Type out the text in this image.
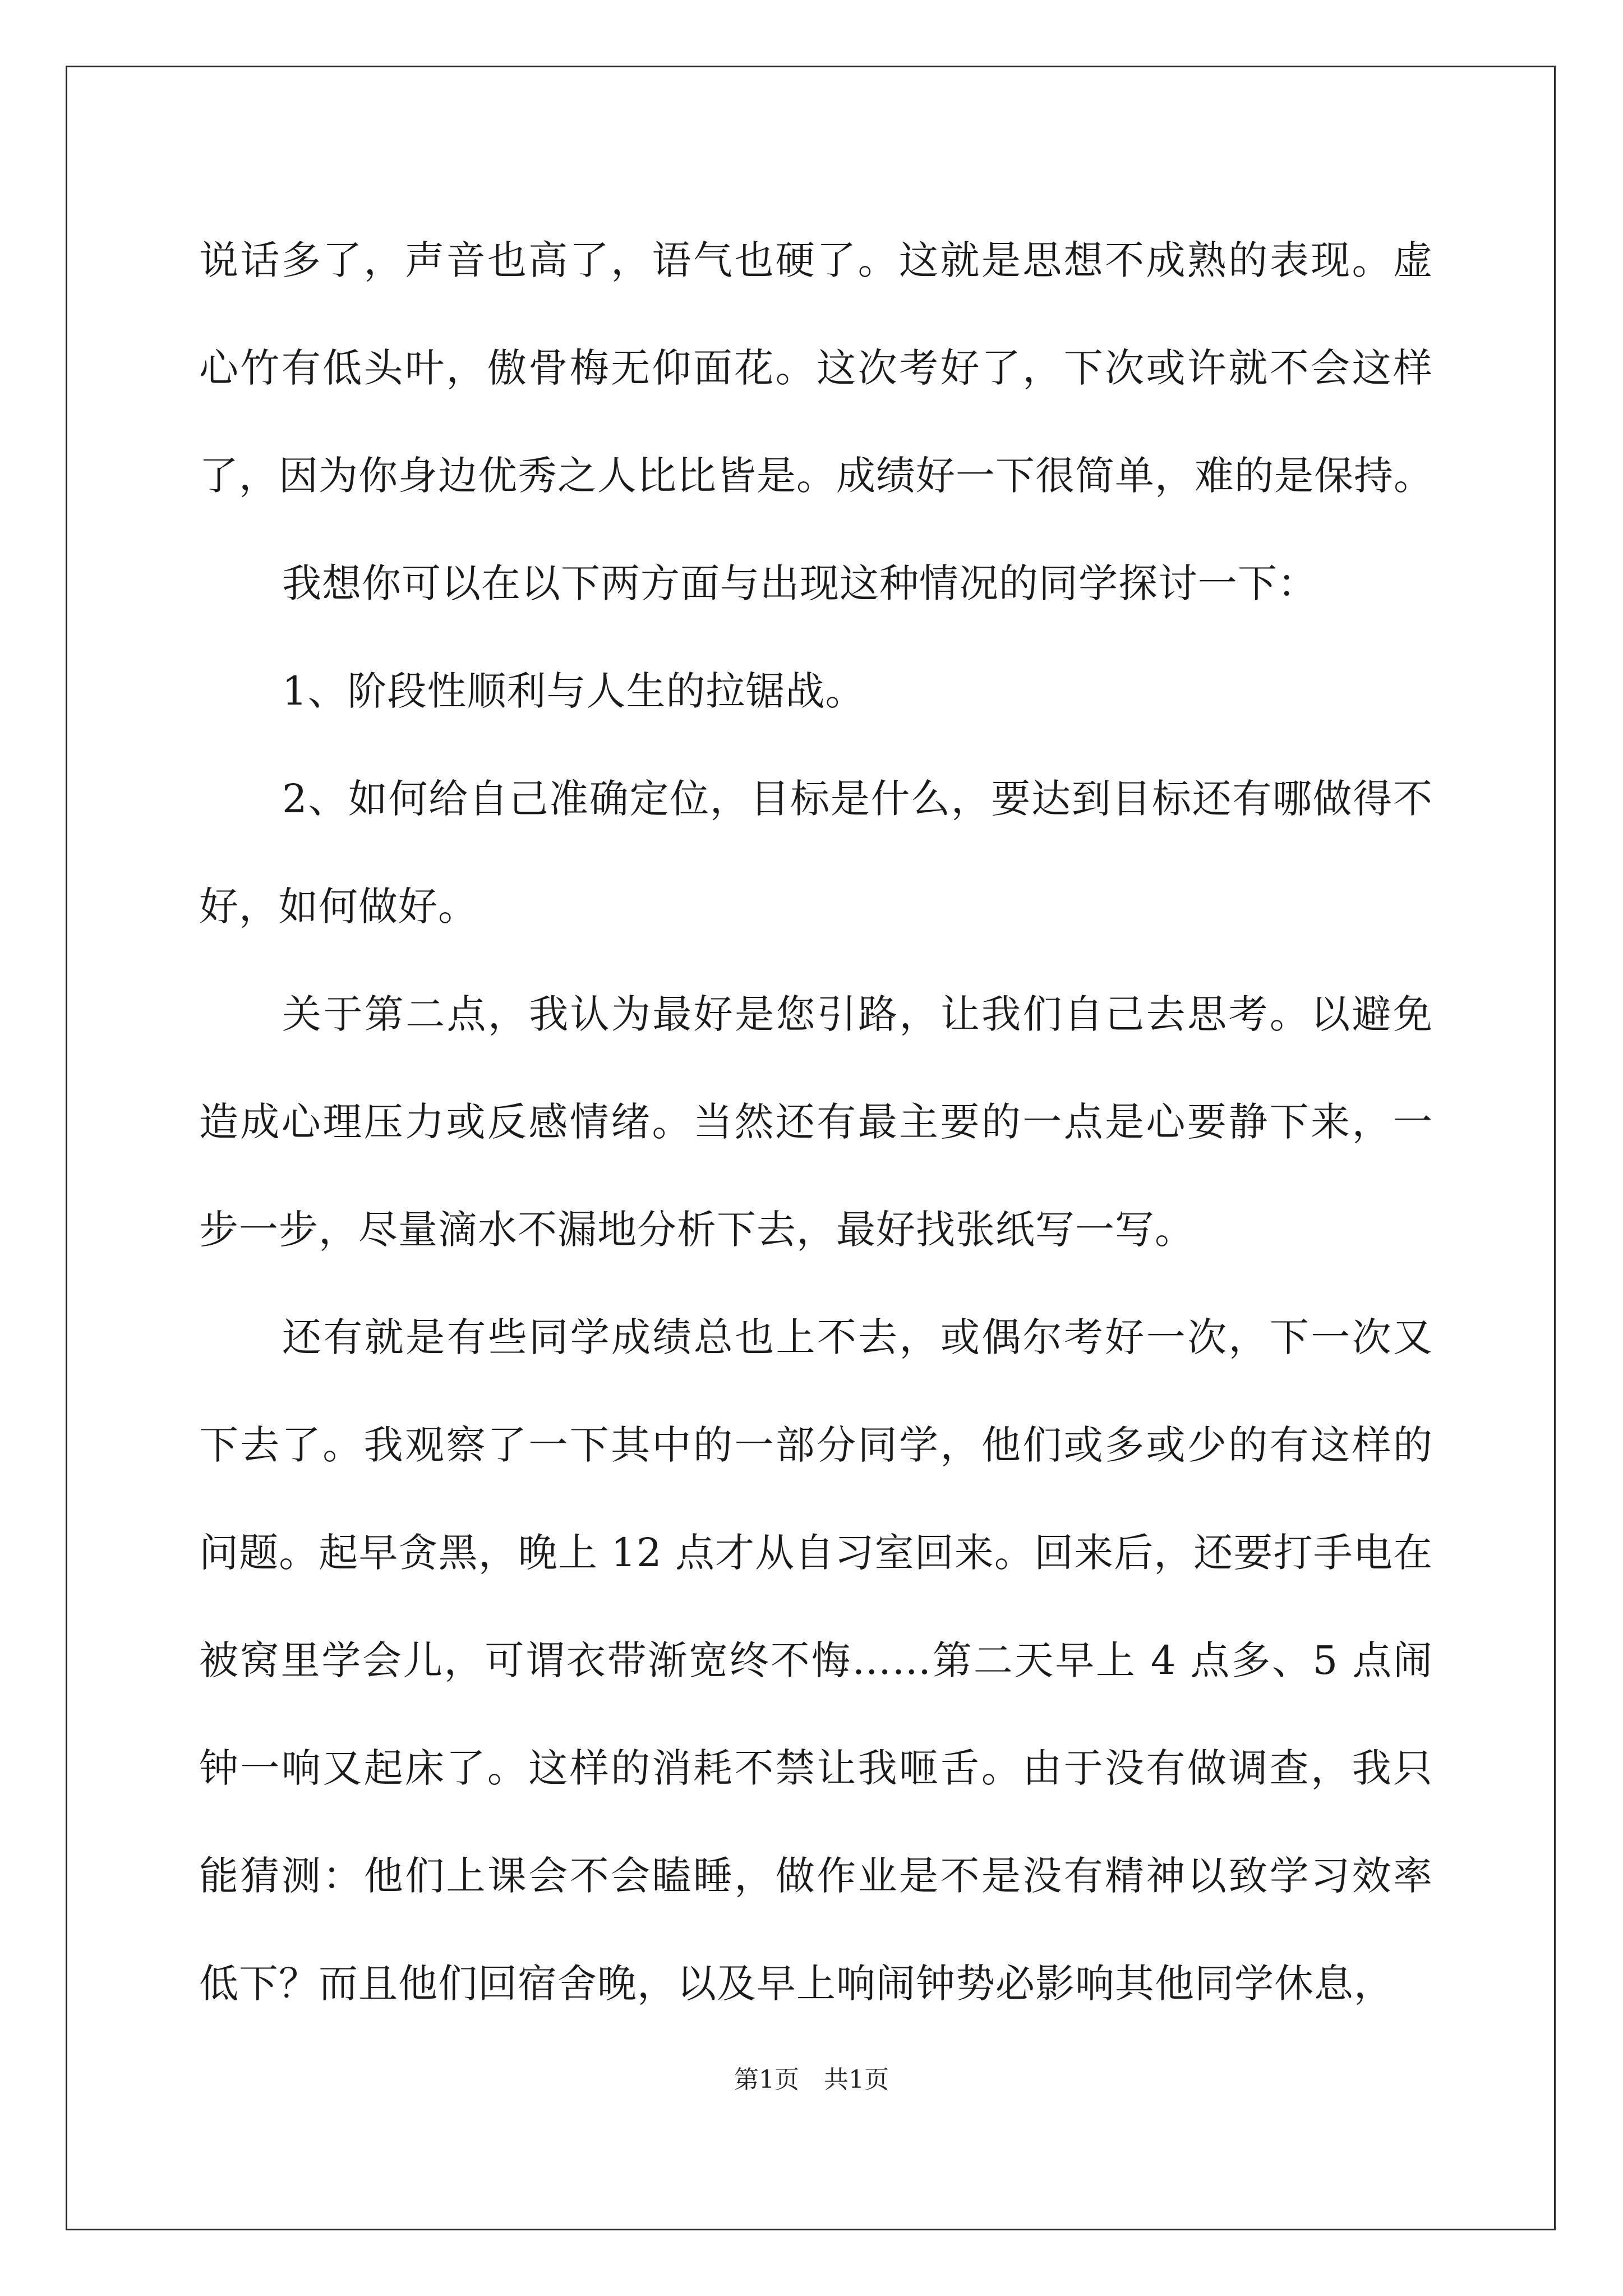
说话多了，声音也高了，语气也硬了。这就是思想不成熟的表现。虚
心竹有低头叶，傲骨梅无仰面花。这次考好了，下次或许就不会这样
了，因为你身边优秀之人比比皆是。成绩好一下很简单，难的是保持。
我想你可以在以下两方面与出现这种情况的同学探讨一下：
1、阶段性顺利与人生的拉锯战。
2、如何给自己准确定位，目标是什么，要达到目标还有哪做得不
好，如何做好。
关于第二点，我认为最好是您引路，让我们自己去思考。以避免
造成心理压力或反感情绪。当然还有最主要的一点是心要静下来，一
步一步，尽量滴水不漏地分析下去，最好找张纸写一写。
还有就是有些同学成绩总也上不去，或偶尔考好一次，下一次又
下去了。我观察了一下其中的一部分同学，他们或多或少的有这样的
问题。起早贪黑，晚上 12 点才从自习室回来。回来后，还要打手电在
被窝里学会儿，可谓衣带渐宽终不悔……第二天早上 4 点多、5 点闹
钟一响又起床了。这样的消耗不禁让我咂舌。由于没有做调查，我只
能猜测：他们上课会不会瞌睡，做作业是不是没有精神以致学习效率
低下？而且他们回宿舍晚，以及早上响闹钟势必影响其他同学休息，
第1页　共1页
